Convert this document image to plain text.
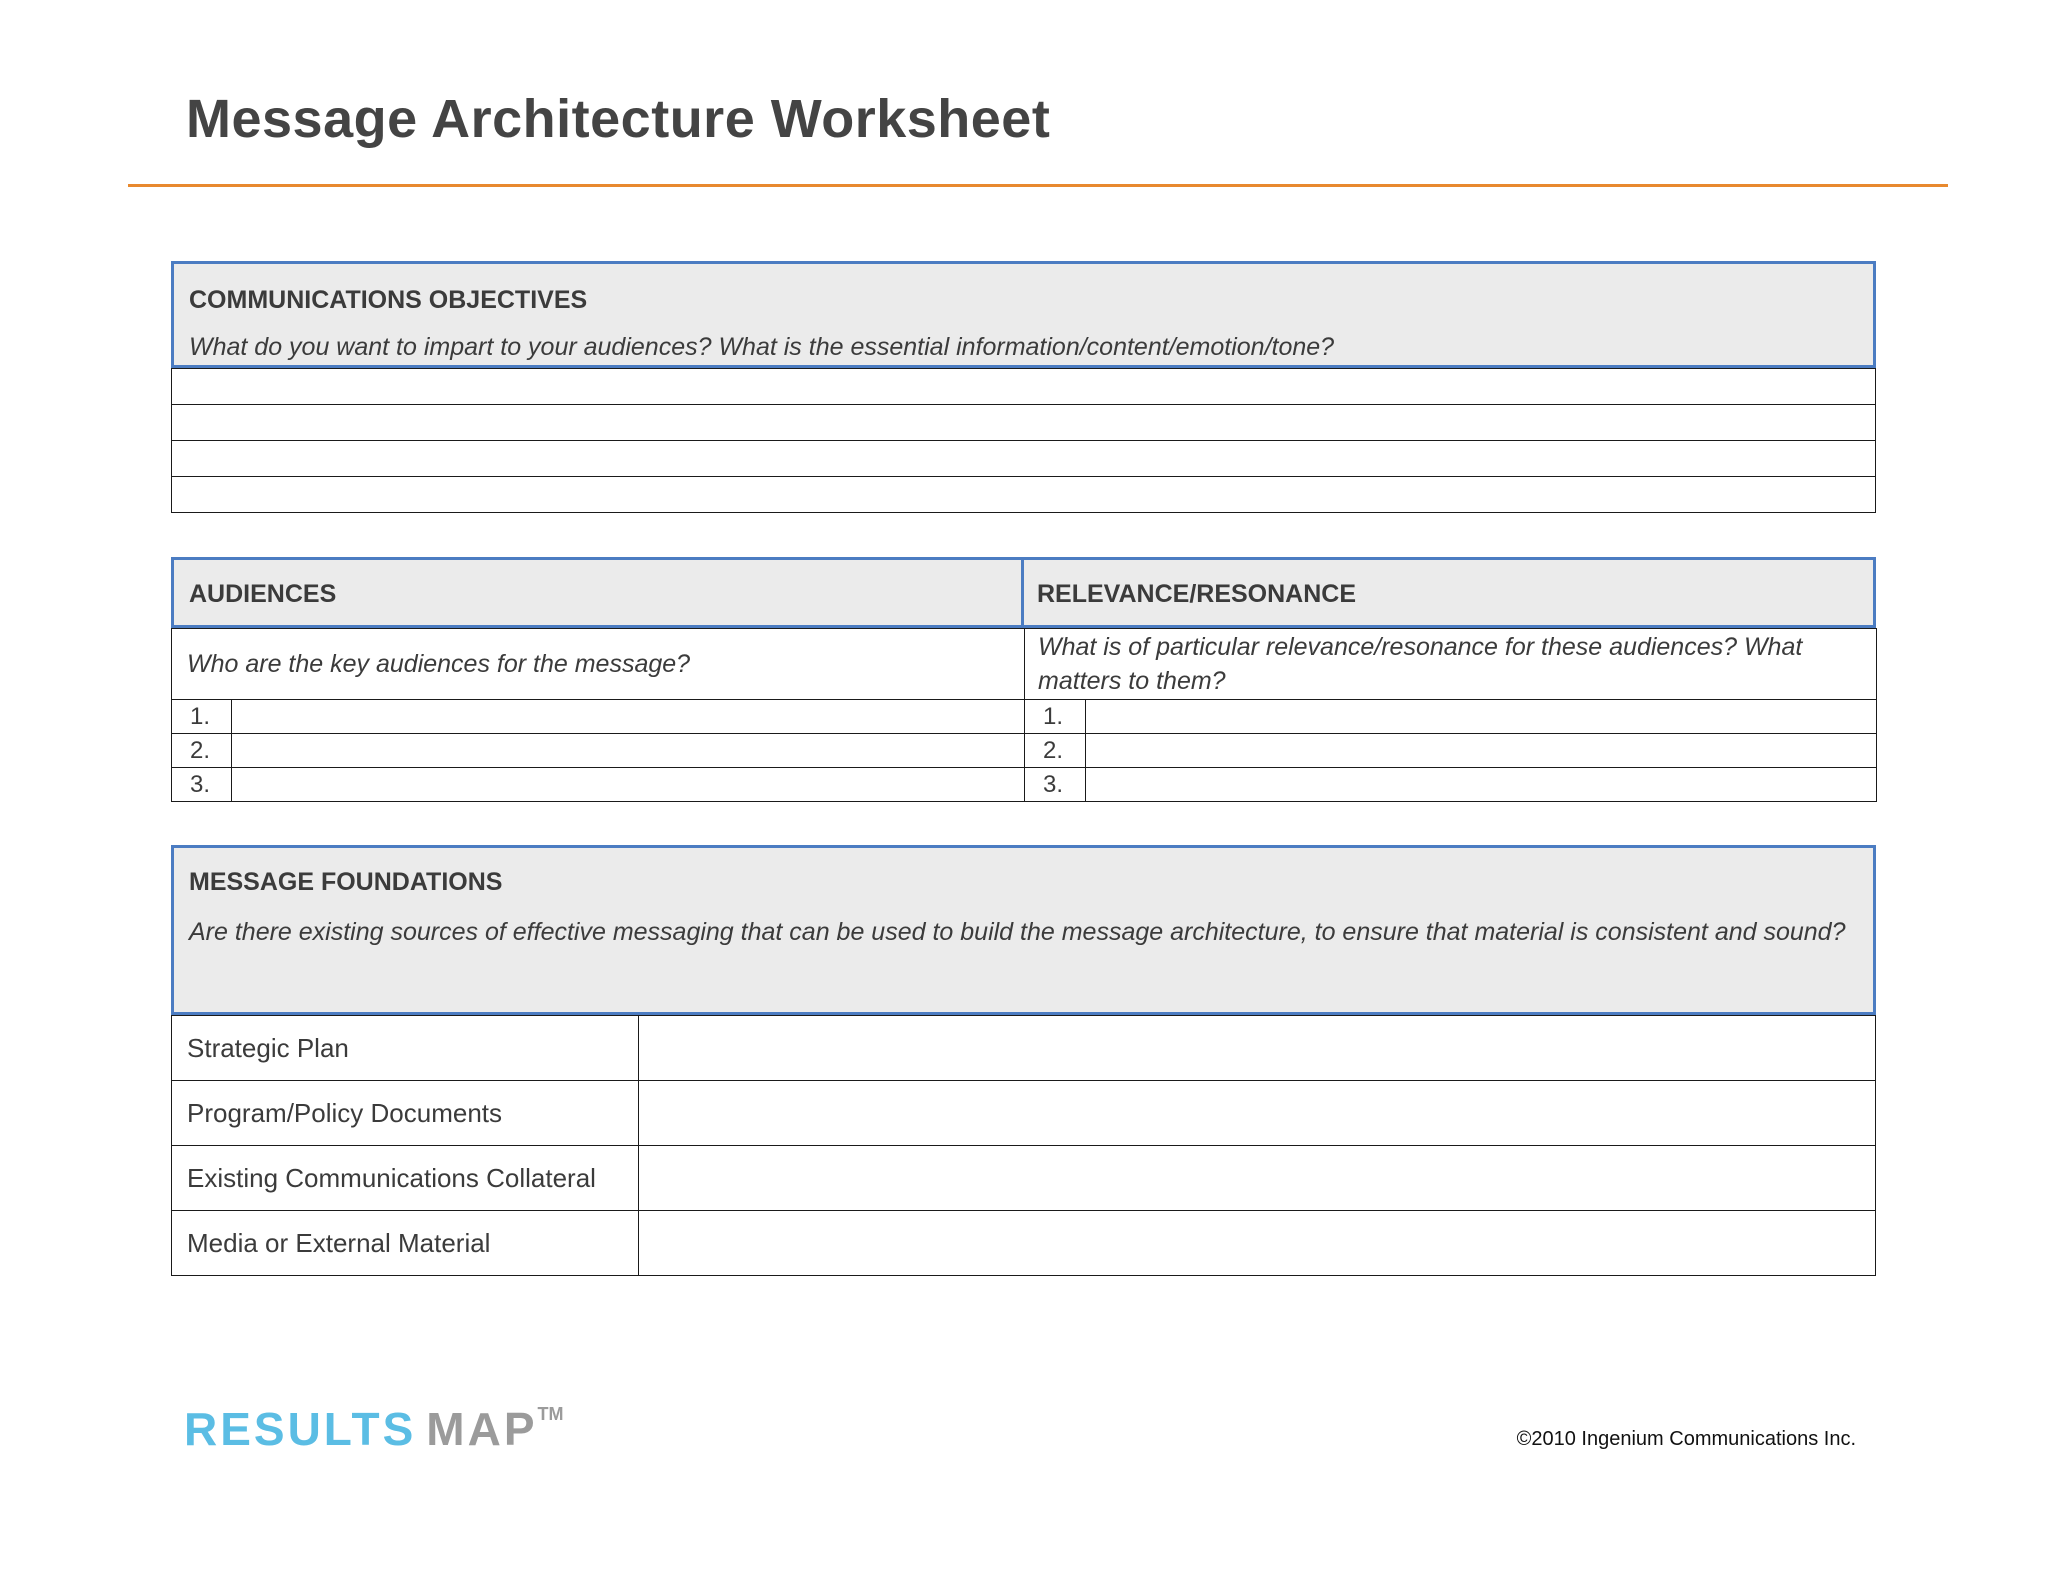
Message Architecture Worksheet
COMMUNICATIONS OBJECTIVES
What do you want to impart to your audiences? What is the essential information/content/emotion/tone?

AUDIENCES	RELEVANCE/RESONANCE
Who are the key audiences for the message?		What is of particular relevance/resonance for these audiences? What matters to them?	
1.		1.	
2.		2.	
3.		3.	
MESSAGE FOUNDATIONS
Are there existing sources of effective messaging that can be used to build the message architecture, to ensure that material is consistent and sound?
Strategic Plan	
Program/Policy Documents	
Existing Communications Collateral	
Media or External Material	
RESULTS MAP™
©2010 Ingenium Communications Inc.
